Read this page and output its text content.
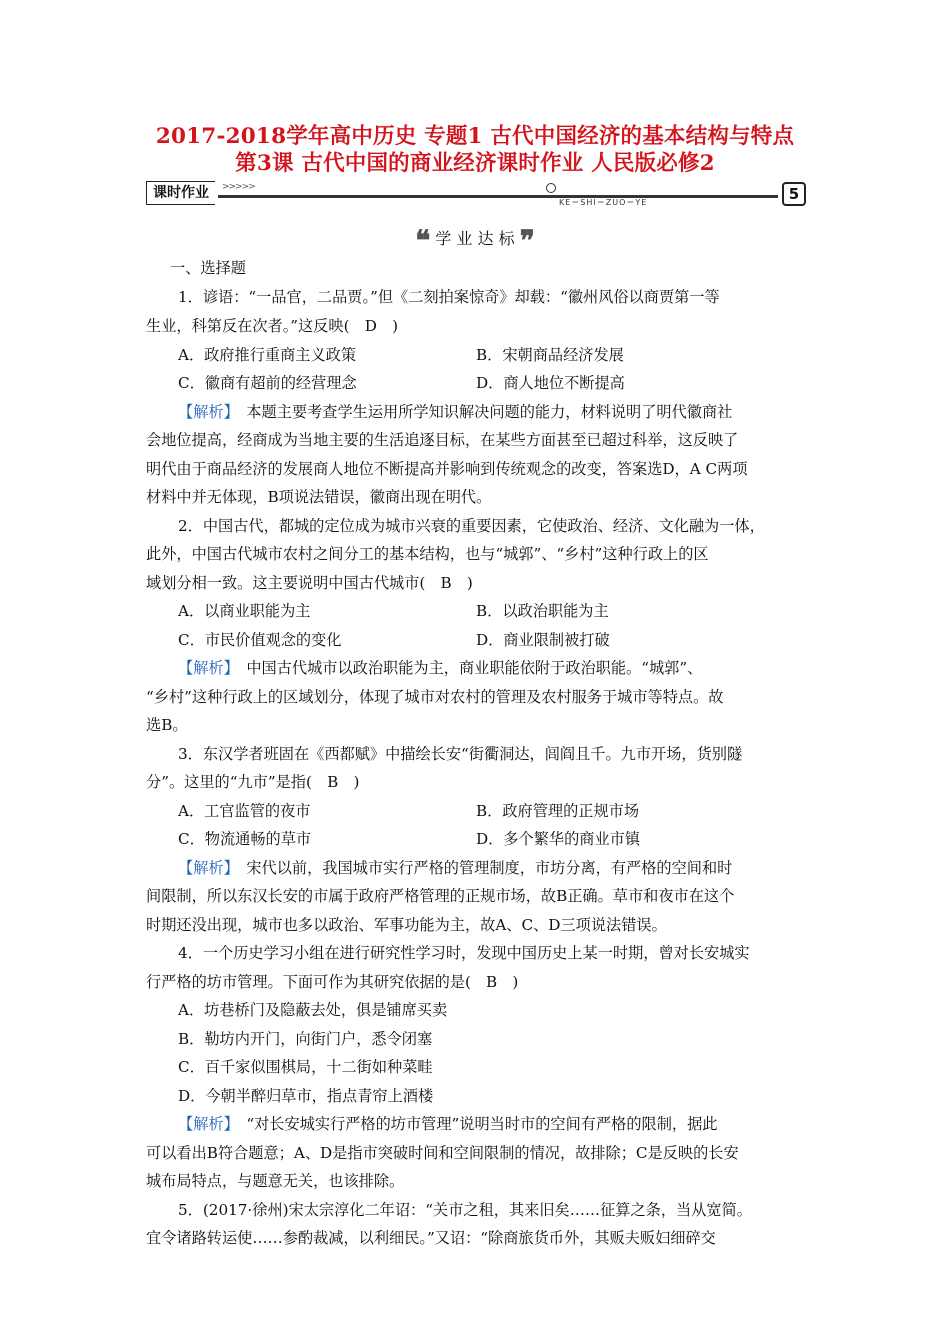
2017-2018学年高中历史 专题1 古代中国经济的基本结构与特点
第3课 古代中国的商业经济课时作业 人民版必修2
课时作业	>>>>>
KE＝SHI＝ZUO＝YE	5
❝ 学 业 达 标 ❞
一、选择题
1．谚语：“一品官，二品贾。”但《二刻拍案惊奇》却载：“徽州风俗以商贾第一等
生业，科第反在次者。”这反映(　D　)
A．政府推行重商主义政策	B．宋朝商品经济发展
C．徽商有超前的经营理念	D．商人地位不断提高
【解析】　本题主要考查学生运用所学知识解决问题的能力，材料说明了明代徽商社
会地位提高，经商成为当地主要的生活追逐目标，在某些方面甚至已超过科举，这反映了
明代由于商品经济的发展商人地位不断提高并影响到传统观念的改变，答案选D，A C两项
材料中并无体现，B项说法错误，徽商出现在明代。
2．中国古代，都城的定位成为城市兴衰的重要因素，它使政治、经济、文化融为一体，
此外，中国古代城市农村之间分工的基本结构，也与“城郭”、“乡村”这种行政上的区
域划分相一致。这主要说明中国古代城市(　B　)
A．以商业职能为主	B．以政治职能为主
C．市民价值观念的变化	D．商业限制被打破
【解析】　中国古代城市以政治职能为主，商业职能依附于政治职能。“城郭”、
“乡村”这种行政上的区域划分，体现了城市对农村的管理及农村服务于城市等特点。故
选B。
3．东汉学者班固在《西都赋》中描绘长安“街衢洞达，闾阎且千。九市开场，货别隧
分”。这里的“九市”是指(　B　)
A．工官监管的夜市	B．政府管理的正规市场
C．物流通畅的草市	D．多个繁华的商业市镇
【解析】　宋代以前，我国城市实行严格的管理制度，市坊分离，有严格的空间和时
间限制，所以东汉长安的市属于政府严格管理的正规市场，故B正确。草市和夜市在这个
时期还没出现，城市也多以政治、军事功能为主，故A、C、D三项说法错误。
4．一个历史学习小组在进行研究性学习时，发现中国历史上某一时期，曾对长安城实
行严格的坊市管理。下面可作为其研究依据的是(　B　)
A．坊巷桥门及隐蔽去处，俱是铺席买卖
B．勒坊内开门，向街门户，悉令闭塞
C．百千家似围棋局，十二街如种菜畦
D．今朝半醉归草市，指点青帘上酒楼
【解析】　“对长安城实行严格的坊市管理”说明当时市的空间有严格的限制，据此
可以看出B符合题意；A、D是指市突破时间和空间限制的情况，故排除；C是反映的长安
城布局特点，与题意无关，也该排除。
5．(2017·徐州)宋太宗淳化二年诏：“关市之租，其来旧矣……征算之条，当从宽简。
宜令诸路转运使……参酌裁减，以利细民。”又诏：“除商旅货币外，其贩夫贩妇细碎交
